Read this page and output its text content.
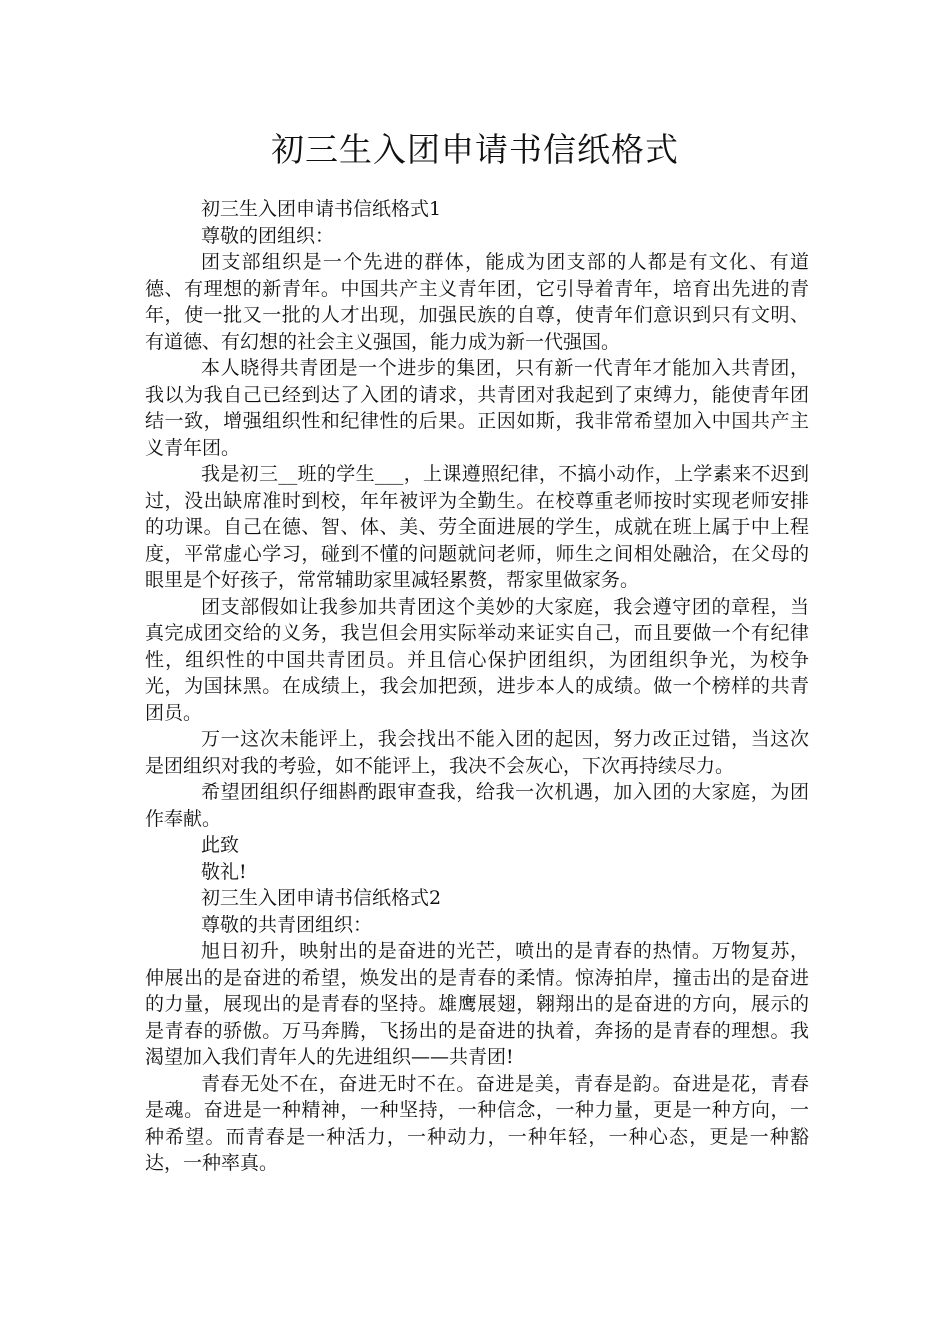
初三生入团申请书信纸格式

初三生入团申请书信纸格式1

尊敬的团组织：

团支部组织是一个先进的群体，能成为团支部的人都是有文化、有道德、有理想的新青年。中国共产主义青年团，它引导着青年，培育出先进的青年，使一批又一批的人才出现，加强民族的自尊，使青年们意识到只有文明、有道德、有幻想的社会主义强国，能力成为新一代强国。

本人晓得共青团是一个进步的集团，只有新一代青年才能加入共青团，我以为我自己已经到达了入团的请求，共青团对我起到了束缚力，能使青年团结一致，增强组织性和纪律性的后果。正因如斯，我非常希望加入中国共产主义青年团。

我是初三__班的学生___，上课遵照纪律，不搞小动作，上学素来不迟到过，没出缺席准时到校，年年被评为全勤生。在校尊重老师按时实现老师安排的功课。自己在德、智、体、美、劳全面进展的学生，成就在班上属于中上程度，平常虚心学习，碰到不懂的问题就问老师，师生之间相处融洽，在父母的眼里是个好孩子，常常辅助家里减轻累赘，帮家里做家务。

团支部假如让我参加共青团这个美妙的大家庭，我会遵守团的章程，当真完成团交给的义务，我岂但会用实际举动来证实自己，而且要做一个有纪律性，组织性的中国共青团员。并且信心保护团组织，为团组织争光，为校争光，为国抹黑。在成绩上，我会加把颈，进步本人的成绩。做一个榜样的共青团员。

万一这次未能评上，我会找出不能入团的起因，努力改正过错，当这次是团组织对我的考验，如不能评上，我决不会灰心，下次再持续尽力。

希望团组织仔细斟酌跟审查我，给我一次机遇，加入团的大家庭，为团作奉献。

此致

敬礼!

初三生入团申请书信纸格式2

尊敬的共青团组织：

旭日初升，映射出的是奋进的光芒，喷出的是青春的热情。万物复苏，伸展出的是奋进的希望，焕发出的是青春的柔情。惊涛拍岸，撞击出的是奋进的力量，展现出的是青春的坚持。雄鹰展翅，翱翔出的是奋进的方向，展示的是青春的骄傲。万马奔腾，飞扬出的是奋进的执着，奔扬的是青春的理想。我渴望加入我们青年人的先进组织——共青团!

青春无处不在，奋进无时不在。奋进是美，青春是韵。奋进是花，青春是魂。奋进是一种精神，一种坚持，一种信念，一种力量，更是一种方向，一种希望。而青春是一种活力，一种动力，一种年轻，一种心态，更是一种豁达，一种率真。
